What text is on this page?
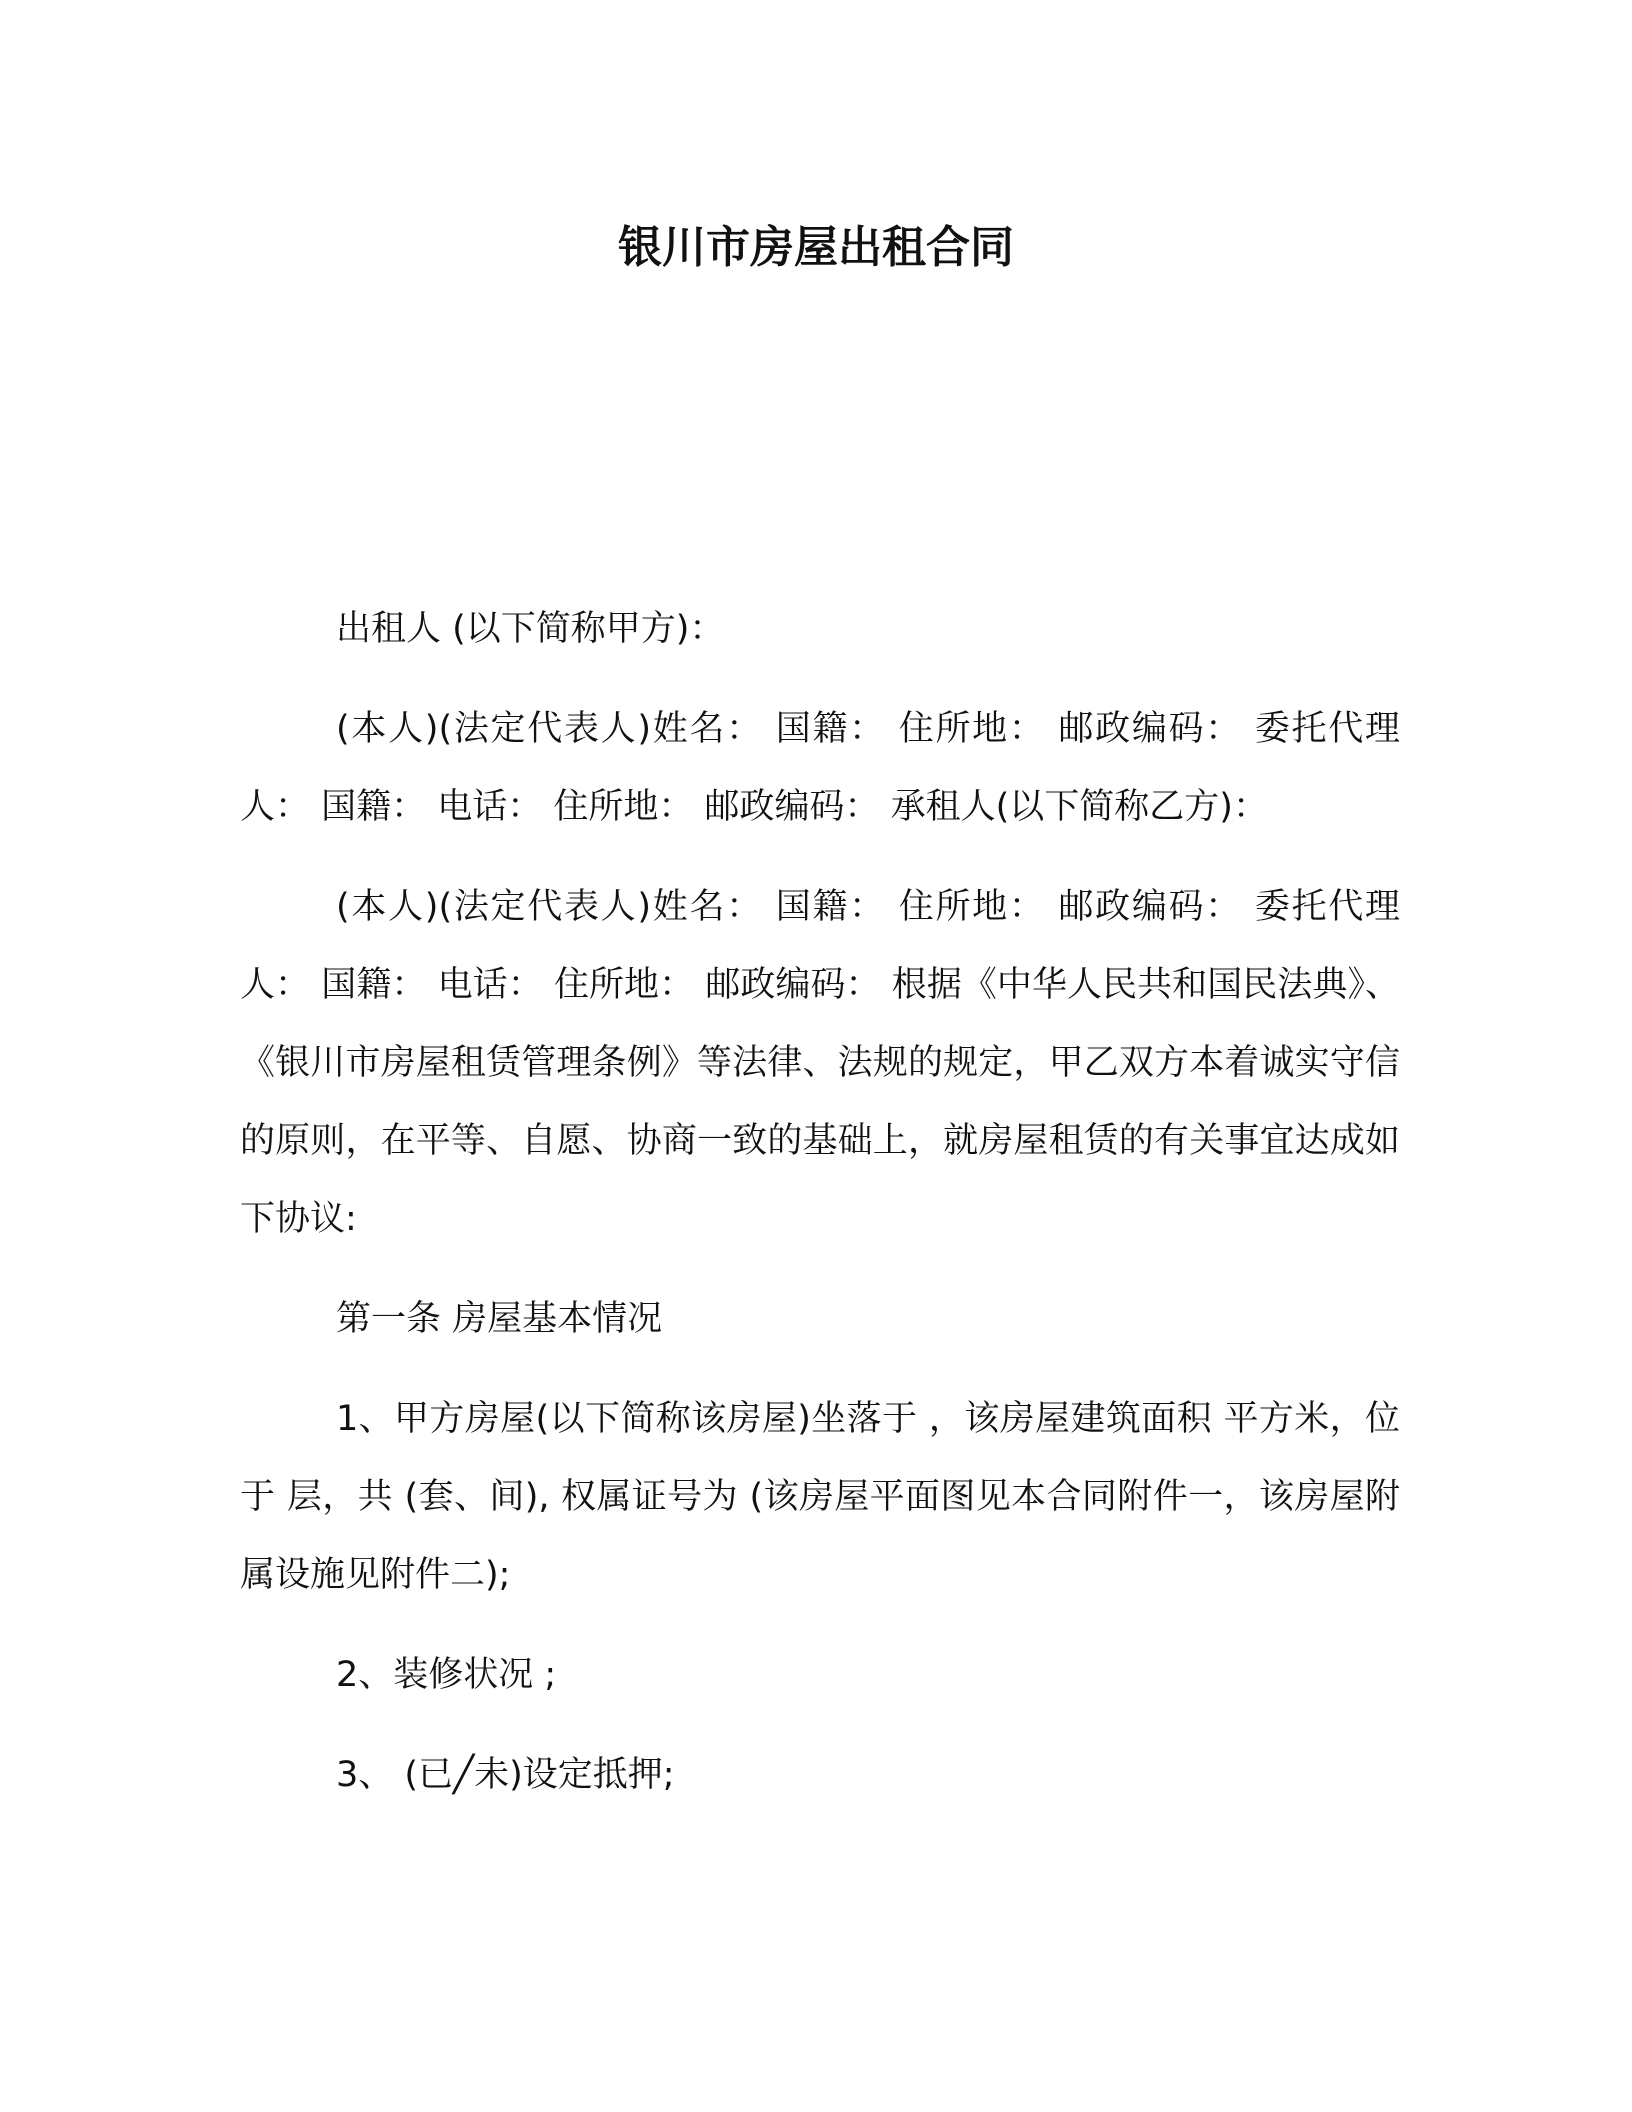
银川市房屋出租合同

出租人 (以下简称甲方)：

(本人)(法定代表人)姓名： 国籍： 住所地： 邮政编码： 委托代理人： 国籍： 电话： 住所地： 邮政编码： 承租人(以下简称乙方)：

(本人)(法定代表人)姓名： 国籍： 住所地： 邮政编码： 委托代理人： 国籍： 电话： 住所地： 邮政编码： 根据《中华人民共和国民法典》、《银川市房屋租赁管理条例》等法律、法规的规定，甲乙双方本着诚实守信的原则，在平等、自愿、协商一致的基础上，就房屋租赁的有关事宜达成如下协议:

第一条 房屋基本情况

1、甲方房屋(以下简称该房屋)坐落于 ，该房屋建筑面积 平方米，位于 层，共 (套、间), 权属证号为 (该房屋平面图见本合同附件一，该房屋附属设施见附件二);

2、装修状况 ;

3、 (已╱未)设定抵押;
